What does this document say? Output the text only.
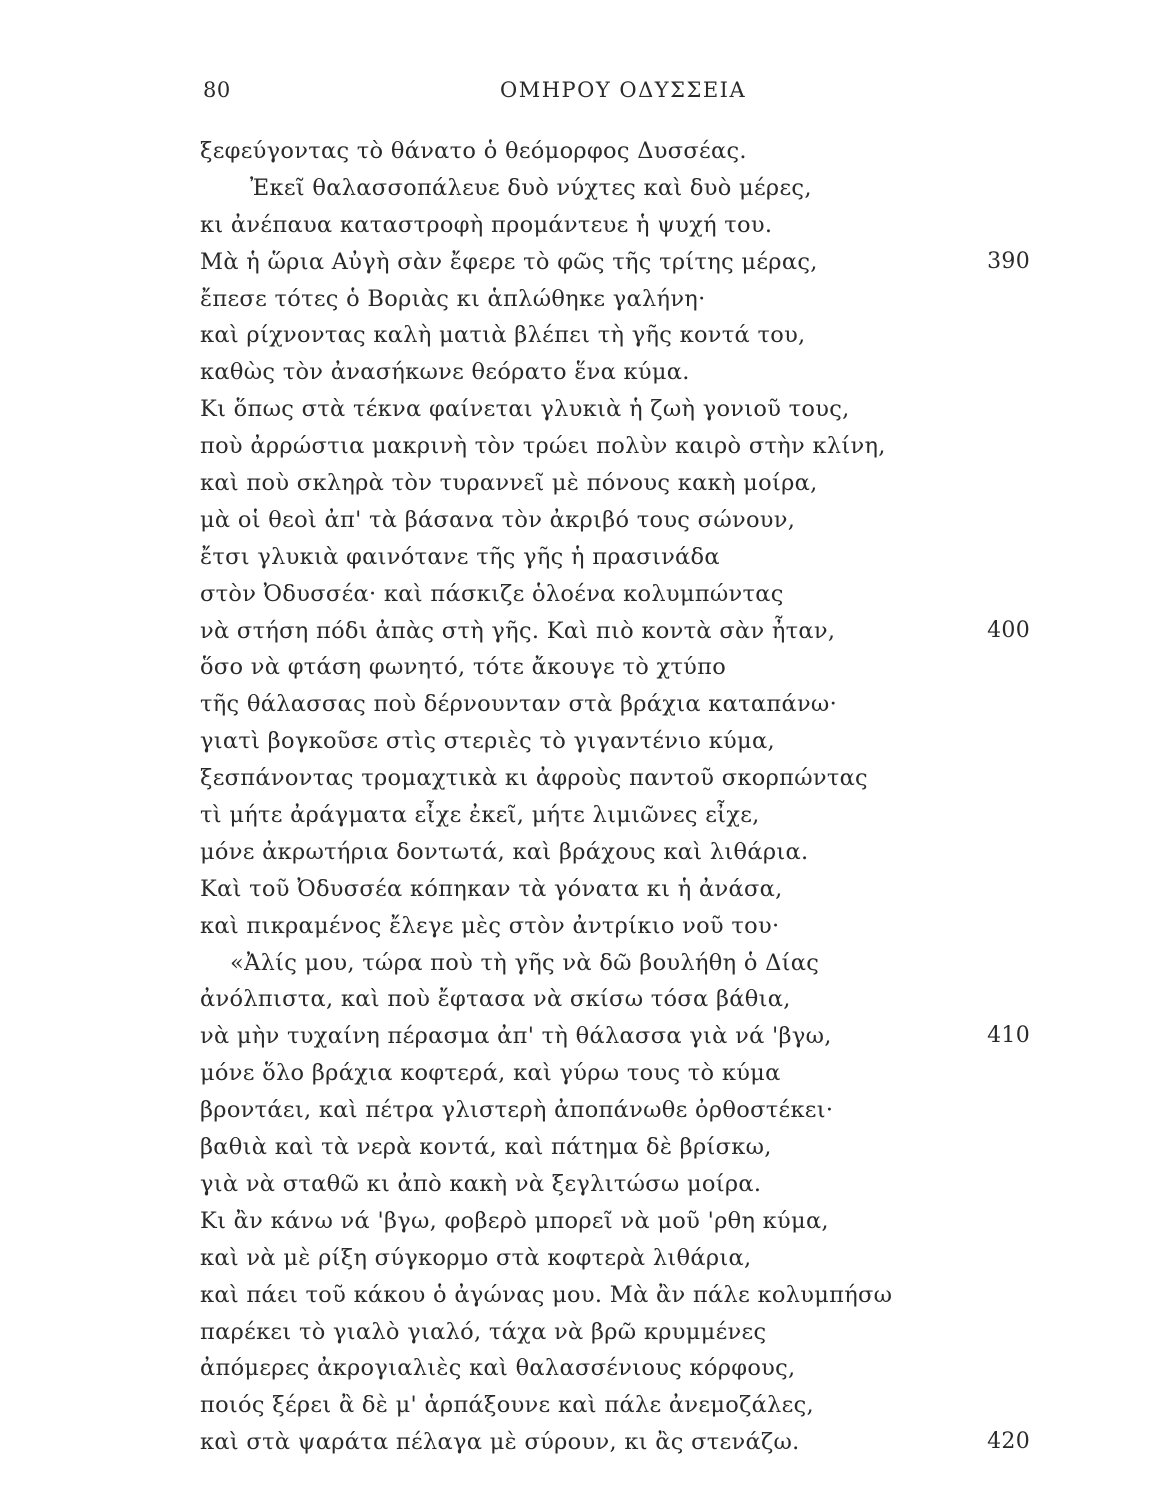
80	ΟΜΗΡΟΥ ΟΔΥΣΣΕΙΑ
ξεφεύγοντας τὸ θάνατο ὁ θεόμορφος Δυσσέας.
Ἐκεῖ θαλασσοπάλευε δυὸ νύχτες καὶ δυὸ μέρες,
κι ἀνέπαυα καταστροφὴ προμάντευε ἡ ψυχή του.
Μὰ ἡ ὥρια Αὐγὴ σὰν ἔφερε τὸ φῶς τῆς τρίτης μέρας,	390
ἔπεσε τότες ὁ Βοριὰς κι ἁπλώθηκε γαλήνη·
καὶ ρίχνοντας καλὴ ματιὰ βλέπει τὴ γῆς κοντά του,
καθὼς τὸν ἀνασήκωνε θεόρατο ἕνα κύμα.
Κι ὅπως στὰ τέκνα φαίνεται γλυκιὰ ἡ ζωὴ γονιοῦ τους,
ποὺ ἀρρώστια μακρινὴ τὸν τρώει πολὺν καιρὸ στὴν κλίνη,
καὶ ποὺ σκληρὰ τὸν τυραννεῖ μὲ πόνους κακὴ μοίρα,
μὰ οἱ θεοὶ ἀπ' τὰ βάσανα τὸν ἀκριβό τους σώνουν,
ἔτσι γλυκιὰ φαινότανε τῆς γῆς ἡ πρασινάδα
στὸν Ὀδυσσέα· καὶ πάσκιζε ὁλοένα κολυμπώντας
νὰ στήση πόδι ἀπὰς στὴ γῆς. Καὶ πιὸ κοντὰ σὰν ἦταν,	400
ὅσο νὰ φτάση φωνητό, τότε ἄκουγε τὸ χτύπο
τῆς θάλασσας ποὺ δέρνουνταν στὰ βράχια καταπάνω·
γιατὶ βογκοῦσε στὶς στεριὲς τὸ γιγαντένιο κύμα,
ξεσπάνοντας τρομαχτικὰ κι ἀφροὺς παντοῦ σκορπώντας
τὶ μήτε ἀράγματα εἶχε ἐκεῖ, μήτε λιμιῶνες εἶχε,
μόνε ἀκρωτήρια δοντωτά, καὶ βράχους καὶ λιθάρια.
Καὶ τοῦ Ὀδυσσέα κόπηκαν τὰ γόνατα κι ἡ ἀνάσα,
καὶ πικραμένος ἔλεγε μὲς στὸν ἀντρίκιο νοῦ του·
«Ἀλίς μου, τώρα ποὺ τὴ γῆς νὰ δῶ βουλήθη ὁ Δίας
ἀνόλπιστα, καὶ ποὺ ἔφτασα νὰ σκίσω τόσα βάθια,
νὰ μὴν τυχαίνη πέρασμα ἀπ' τὴ θάλασσα γιὰ νά 'βγω,	410
μόνε ὅλο βράχια κοφτερά, καὶ γύρω τους τὸ κύμα
βροντάει, καὶ πέτρα γλιστερὴ ἀποπάνωθε ὀρθοστέκει·
βαθιὰ καὶ τὰ νερὰ κοντά, καὶ πάτημα δὲ βρίσκω,
γιὰ νὰ σταθῶ κι ἀπὸ κακὴ νὰ ξεγλιτώσω μοίρα.
Κι ἂν κάνω νά 'βγω, φοβερὸ μπορεῖ νὰ μοῦ 'ρθη κύμα,
καὶ νὰ μὲ ρίξη σύγκορμο στὰ κοφτερὰ λιθάρια,
καὶ πάει τοῦ κάκου ὁ ἀγώνας μου. Μὰ ἂν πάλε κολυμπήσω
παρέκει τὸ γιαλὸ γιαλό, τάχα νὰ βρῶ κρυμμένες
ἀπόμερες ἀκρογιαλιὲς καὶ θαλασσένιους κόρφους,
ποιός ξέρει ἂ δὲ μ' ἁρπάξουνε καὶ πάλε ἀνεμοζάλες,
καὶ στὰ ψαράτα πέλαγα μὲ σύρουν, κι ἂς στενάζω.	420
